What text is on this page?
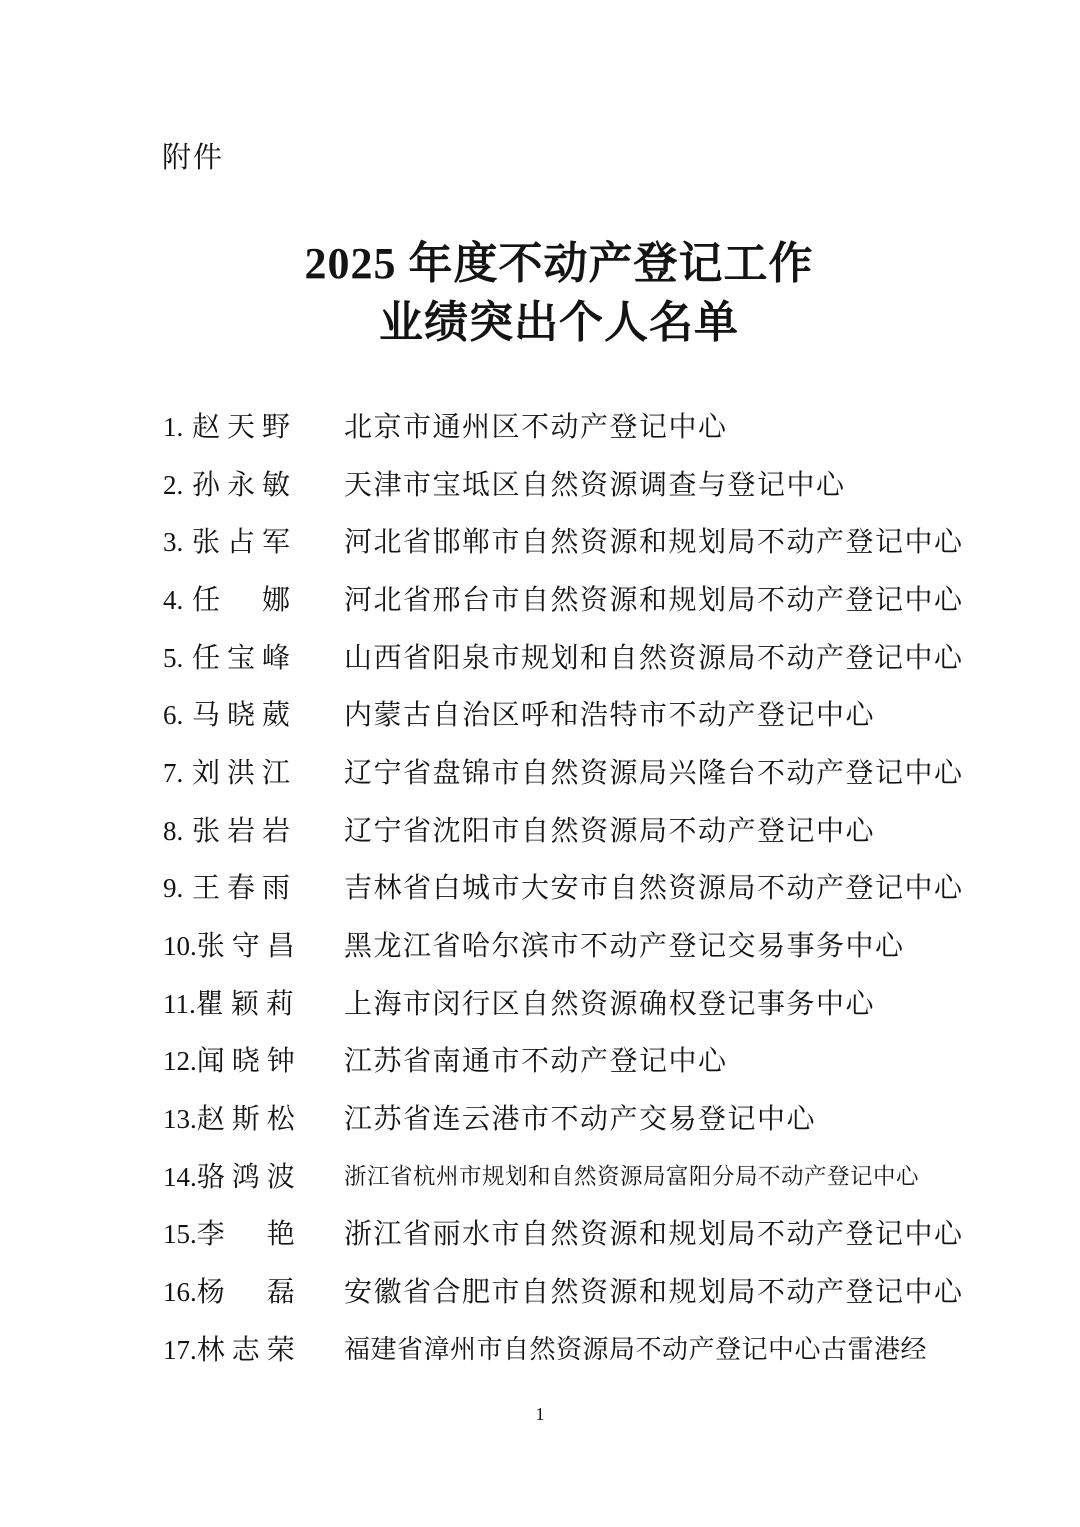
附件
2025 年度不动产登记工作
业绩突出个人名单
1. 赵天野	北京市通州区不动产登记中心
2. 孙永敏	天津市宝坻区自然资源调查与登记中心
3. 张占军	河北省邯郸市自然资源和规划局不动产登记中心
4. 任　娜	河北省邢台市自然资源和规划局不动产登记中心
5. 任宝峰	山西省阳泉市规划和自然资源局不动产登记中心
6. 马晓葳	内蒙古自治区呼和浩特市不动产登记中心
7. 刘洪江	辽宁省盘锦市自然资源局兴隆台不动产登记中心
8. 张岩岩	辽宁省沈阳市自然资源局不动产登记中心
9. 王春雨	吉林省白城市大安市自然资源局不动产登记中心
10.张守昌	黑龙江省哈尔滨市不动产登记交易事务中心
11.瞿颖莉	上海市闵行区自然资源确权登记事务中心
12.闻晓钟	江苏省南通市不动产登记中心
13.赵斯松	江苏省连云港市不动产交易登记中心
14.骆鸿波	浙江省杭州市规划和自然资源局富阳分局不动产登记中心
15.李　艳	浙江省丽水市自然资源和规划局不动产登记中心
16.杨　磊	安徽省合肥市自然资源和规划局不动产登记中心
17.林志荣	福建省漳州市自然资源局不动产登记中心古雷港经
1
